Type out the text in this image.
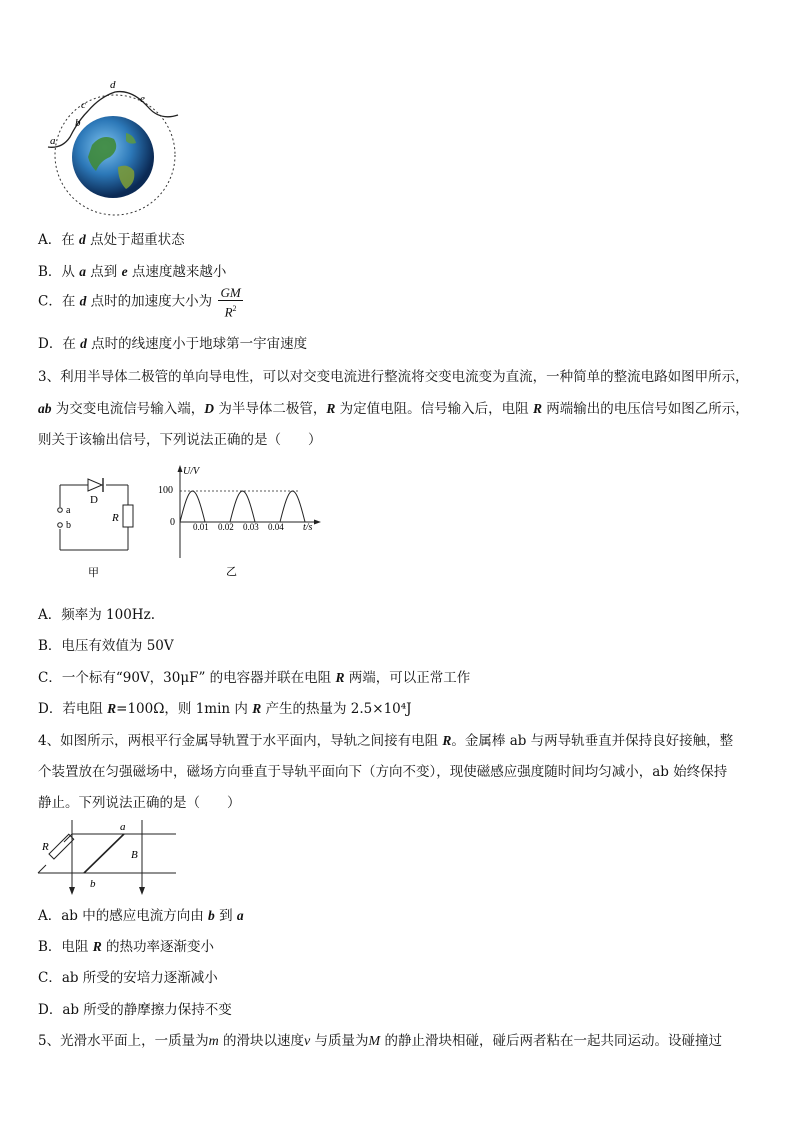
a
b
c
d
e
A．在 d 点处于超重状态
B．从 a 点到 e 点速度越来越小
C．在 d 点时的加速度大小为 $\frac{GM}{R^2}$
D．在 d 点时的线速度小于地球第一宇宙速度
3、利用半导体二极管的单向导电性，可以对交变电流进行整流将交变电流变为直流，一种简单的整流电路如图甲所示，
ab 为交变电流信号输入端，D 为半导体二极管，R 为定值电阻。信号输入后，电阻 R 两端输出的电压信号如图乙所示，
则关于该输出信号，下列说法正确的是（　　）
D
R
a
b
甲
U/V
100
0 0.01 0.02 0.03 0.04 t/s
乙
A．频率为 100Hz.
B．电压有效值为 50V
C．一个标有“90V，30μF” 的电容器并联在电阻 R 两端，可以正常工作
D．若电阻 R=100Ω，则 1min 内 R 产生的热量为 2.5×10⁴J
4、如图所示，两根平行金属导轨置于水平面内，导轨之间接有电阻 R。金属棒 ab 与两导轨垂直并保持良好接触，整
个装置放在匀强磁场中，磁场方向垂直于导轨平面向下（方向不变），现使磁感应强度随时间均匀减小，ab 始终保持
静止。下列说法正确的是（　　）
R
a
b
B
A．ab 中的感应电流方向由 b 到 a
B．电阻 R 的热功率逐渐变小
C．ab 所受的安培力逐渐减小
D．ab 所受的静摩擦力保持不变
5、光滑水平面上，一质量为m 的滑块以速度v 与质量为M 的静止滑块相碰，碰后两者粘在一起共同运动。设碰撞过
